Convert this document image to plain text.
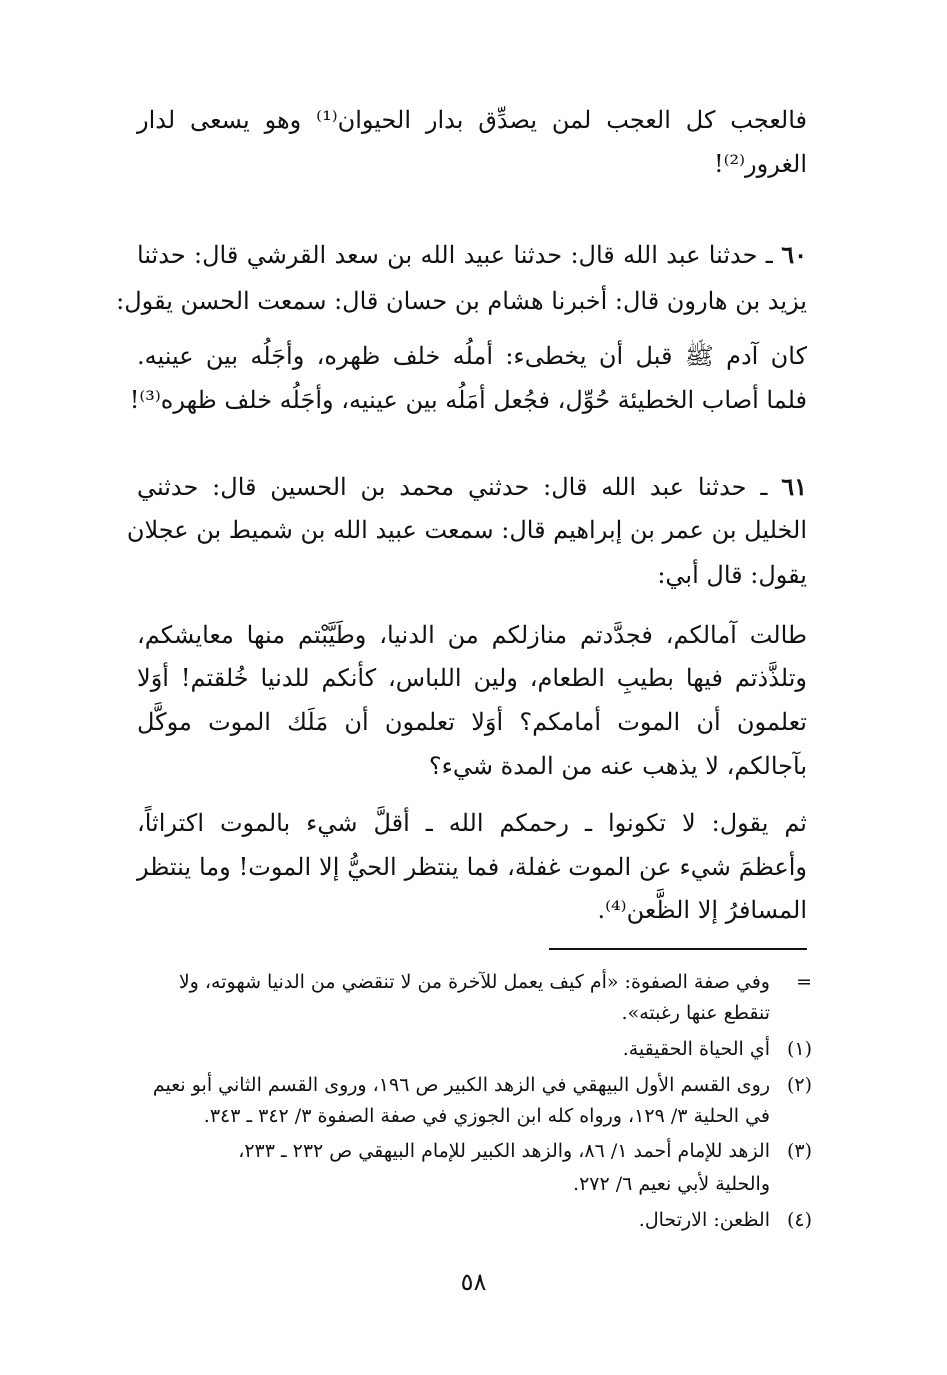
فالعجب كل العجب لمن يصدِّق بدار الحيوان⁽¹⁾ وهو يسعى لدار
الغرور⁽²⁾!
٦٠ ـ حدثنا عبد الله قال: حدثنا عبيد الله بن سعد القرشي قال: حدثنا
يزيد بن هارون قال: أخبرنا هشام بن حسان قال: سمعت الحسن يقول:
كان آدم ﷺ قبل أن يخطىء: أملُه خلف ظهره، وأجَلُه بين عينيه.
فلما أصاب الخطيئة حُوِّل، فجُعل أمَلُه بين عينيه، وأجَلُه خلف ظهره⁽³⁾!
٦١ ـ حدثنا عبد الله قال: حدثني محمد بن الحسين قال: حدثني
الخليل بن عمر بن إبراهيم قال: سمعت عبيد الله بن شميط بن عجلان
يقول: قال أبي:
طالت آمالكم، فجدَّدتم منازلكم من الدنيا، وطَيَّبْتم منها معايشكم،
وتلذَّذتم فيها بطيبِ الطعام، ولين اللباس، كأنكم للدنيا خُلقتم! أوَلا
تعلمون أن الموت أمامكم؟ أوَلا تعلمون أن مَلَك الموت موكَّل
بآجالكم، لا يذهب عنه من المدة شيء؟
ثم يقول: لا تكونوا ـ رحمكم الله ـ أقلَّ شيء بالموت اكتراثاً،
وأعظمَ شيء عن الموت غفلة، فما ينتظر الحيُّ إلا الموت! وما ينتظر
المسافرُ إلا الظَّعن⁽⁴⁾.
=وفي صفة الصفوة: «أم كيف يعمل للآخرة من لا تنقضي من الدنيا شهوته، ولا
تنقطع عنها رغبته».
(١)أي الحياة الحقيقية.
(٢)روى القسم الأول البيهقي في الزهد الكبير ص ١٩٦، وروى القسم الثاني أبو نعيم
في الحلية ٣/ ١٢٩، ورواه كله ابن الجوزي في صفة الصفوة ٣/ ٣٤٢ ـ ٣٤٣.
(٣)الزهد للإمام أحمد ١/ ٨٦، والزهد الكبير للإمام البيهقي ص ٢٣٢ ـ ٢٣٣،
والحلية لأبي نعيم ٦/ ٢٧٢.
(٤)الظعن: الارتحال.
٥٨
